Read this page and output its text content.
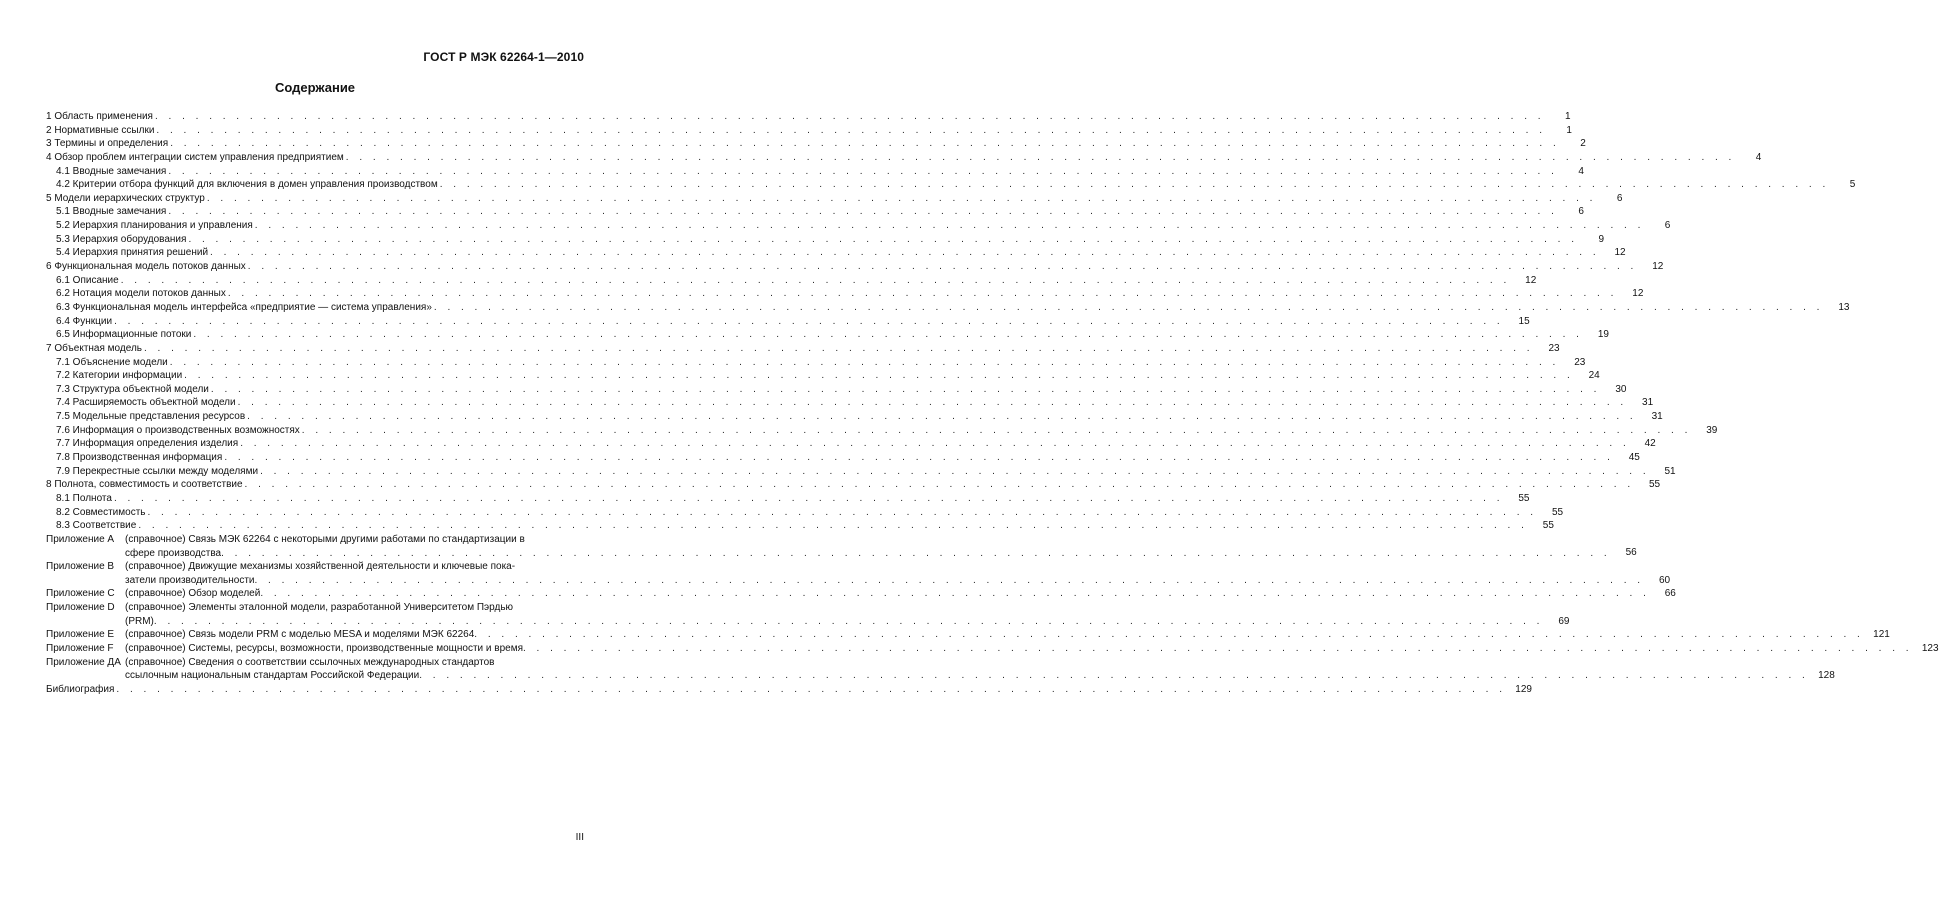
ГОСТ Р МЭК 62264-1—2010
Содержание
1 Область применения . . .	1
2 Нормативные ссылки . . .	1
3 Термины и определения . . .	2
4 Обзор проблем интеграции систем управления предприятием . . .	4
4.1 Вводные замечания . . .	4
4.2 Критерии отбора функций для включения в домен управления производством . . .	5
5 Модели иерархических структур . . .	6
5.1 Вводные замечания . . .	6
5.2 Иерархия планирования и управления . . .	6
5.3 Иерархия оборудования . . .	9
5.4 Иерархия принятия решений . . .	12
6 Функциональная модель потоков данных . . .	12
6.1 Описание . . .	12
6.2 Нотация модели потоков данных . . .	12
6.3 Функциональная модель интерфейса «предприятие — система управления» . . .	13
6.4 Функции . . .	15
6.5 Информационные потоки . . .	19
7 Объектная модель . . .	23
7.1 Объяснение модели . . .	23
7.2 Категории информации . . .	24
7.3 Структура объектной модели . . .	30
7.4 Расширяемость объектной модели . . .	31
7.5 Модельные представления ресурсов . . .	31
7.6 Информация о производственных возможностях . . .	39
7.7 Информация определения изделия . . .	42
7.8 Производственная информация . . .	45
7.9 Перекрестные ссылки между моделями . . .	51
8 Полнота, совместимость и соответствие . . .	55
8.1 Полнота . . .	55
8.2 Совместимость . . .	55
8.3 Соответствие . . .	55
Приложение A	(справочное) Связь МЭК 62264 с некоторыми другими работами по стандартизации в
сфере производства . . .	56
Приложение B	(справочное) Движущие механизмы хозяйственной деятельности и ключевые пока-
затели производительности . . .	60
Приложение C	(справочное) Обзор моделей . . .	66
Приложение D	(справочное) Элементы эталонной модели, разработанной Университетом Пэрдью
(PRM) . . .	69
Приложение E	(справочное) Связь модели PRM с моделью MESA и моделями МЭК 62264 . . .	121
Приложение F	(справочное) Системы, ресурсы, возможности, производственные мощности и время . . .	123
Приложение ДА (справочное) Сведения о соответствии ссылочных международных стандартов
ссылочным национальным стандартам Российской Федерации . . .	128
Библиография . . .	129
III
